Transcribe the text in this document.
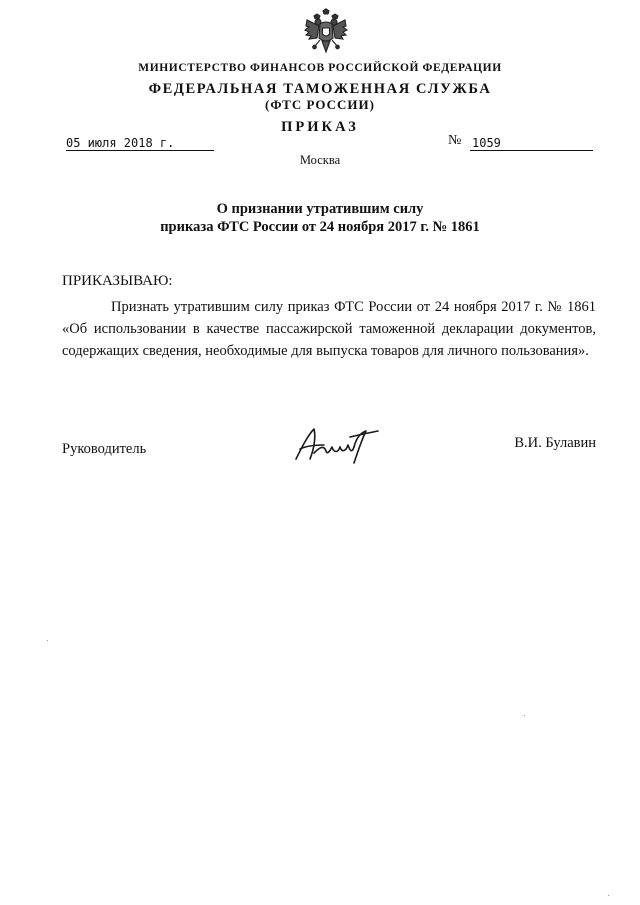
МИНИСТЕРСТВО ФИНАНСОВ РОССИЙСКОЙ ФЕДЕРАЦИИ
ФЕДЕРАЛЬНАЯ ТАМОЖЕННАЯ СЛУЖБА
(ФТС РОССИИ)
ПРИКАЗ
05 июля 2018 г.	№ 1059
Москва
О признании утратившим силу
приказа ФТС России от 24 ноября 2017 г. № 1861
ПРИКАЗЫВАЮ:
Признать утратившим силу приказ ФТС России от 24 ноября 2017 г. № 1861 «Об использовании в качестве пассажирской таможенной декларации документов, содержащих сведения, необходимые для выпуска товаров для личного пользования».
Руководитель	В.И. Булавин
